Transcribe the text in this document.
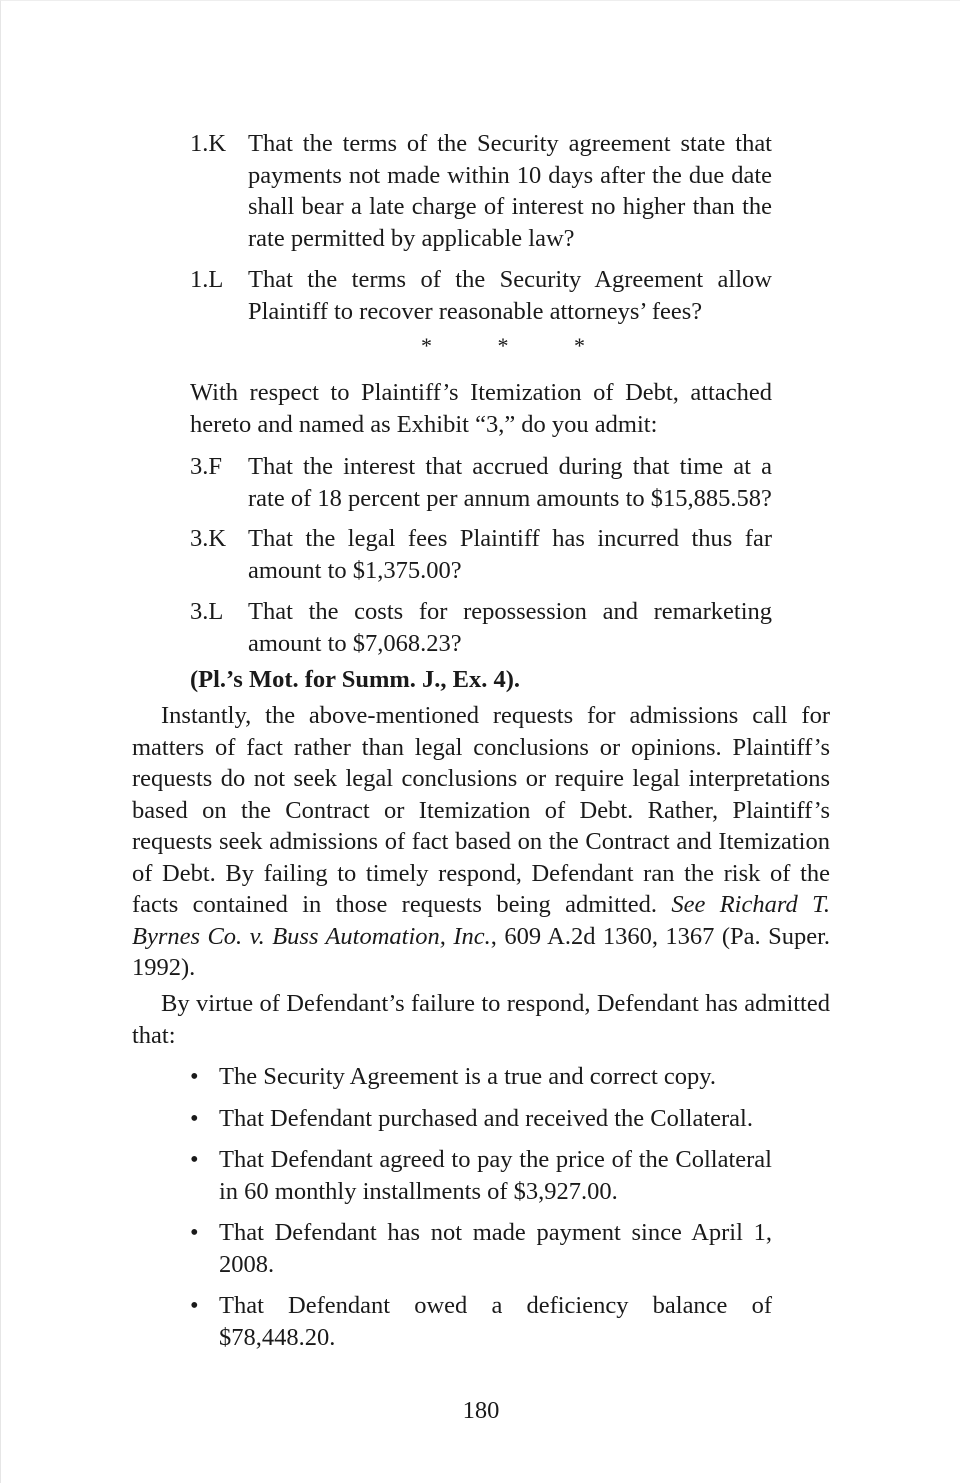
1.K That the terms of the Security agreement state that payments not made within 10 days after the due date shall bear a late charge of interest no higher than the rate permitted by applicable law?
1.L That the terms of the Security Agreement allow Plaintiff to recover reasonable attorneys’ fees?
* * *
With respect to Plaintiff’s Itemization of Debt, attached hereto and named as Exhibit “3,” do you admit:
3.F That the interest that accrued during that time at a rate of 18 percent per annum amounts to $15,885.58?
3.K That the legal fees Plaintiff has incurred thus far amount to $1,375.00?
3.L That the costs for repossession and remarketing amount to $7,068.23?
(Pl.’s Mot. for Summ. J., Ex. 4).
Instantly, the above-mentioned requests for admissions call for matters of fact rather than legal conclusions or opinions. Plaintiff’s requests do not seek legal conclusions or require legal interpretations based on the Contract or Itemization of Debt. Rather, Plaintiff’s requests seek admissions of fact based on the Contract and Itemization of Debt. By failing to timely respond, Defendant ran the risk of the facts contained in those requests being admitted. See Richard T. Byrnes Co. v. Buss Automation, Inc., 609 A.2d 1360, 1367 (Pa. Super. 1992).
By virtue of Defendant’s failure to respond, Defendant has admitted that:
• The Security Agreement is a true and correct copy.
• That Defendant purchased and received the Collateral.
• That Defendant agreed to pay the price of the Collateral in 60 monthly installments of $3,927.00.
• That Defendant has not made payment since April 1, 2008.
• That Defendant owed a deficiency balance of $78,448.20.
180
